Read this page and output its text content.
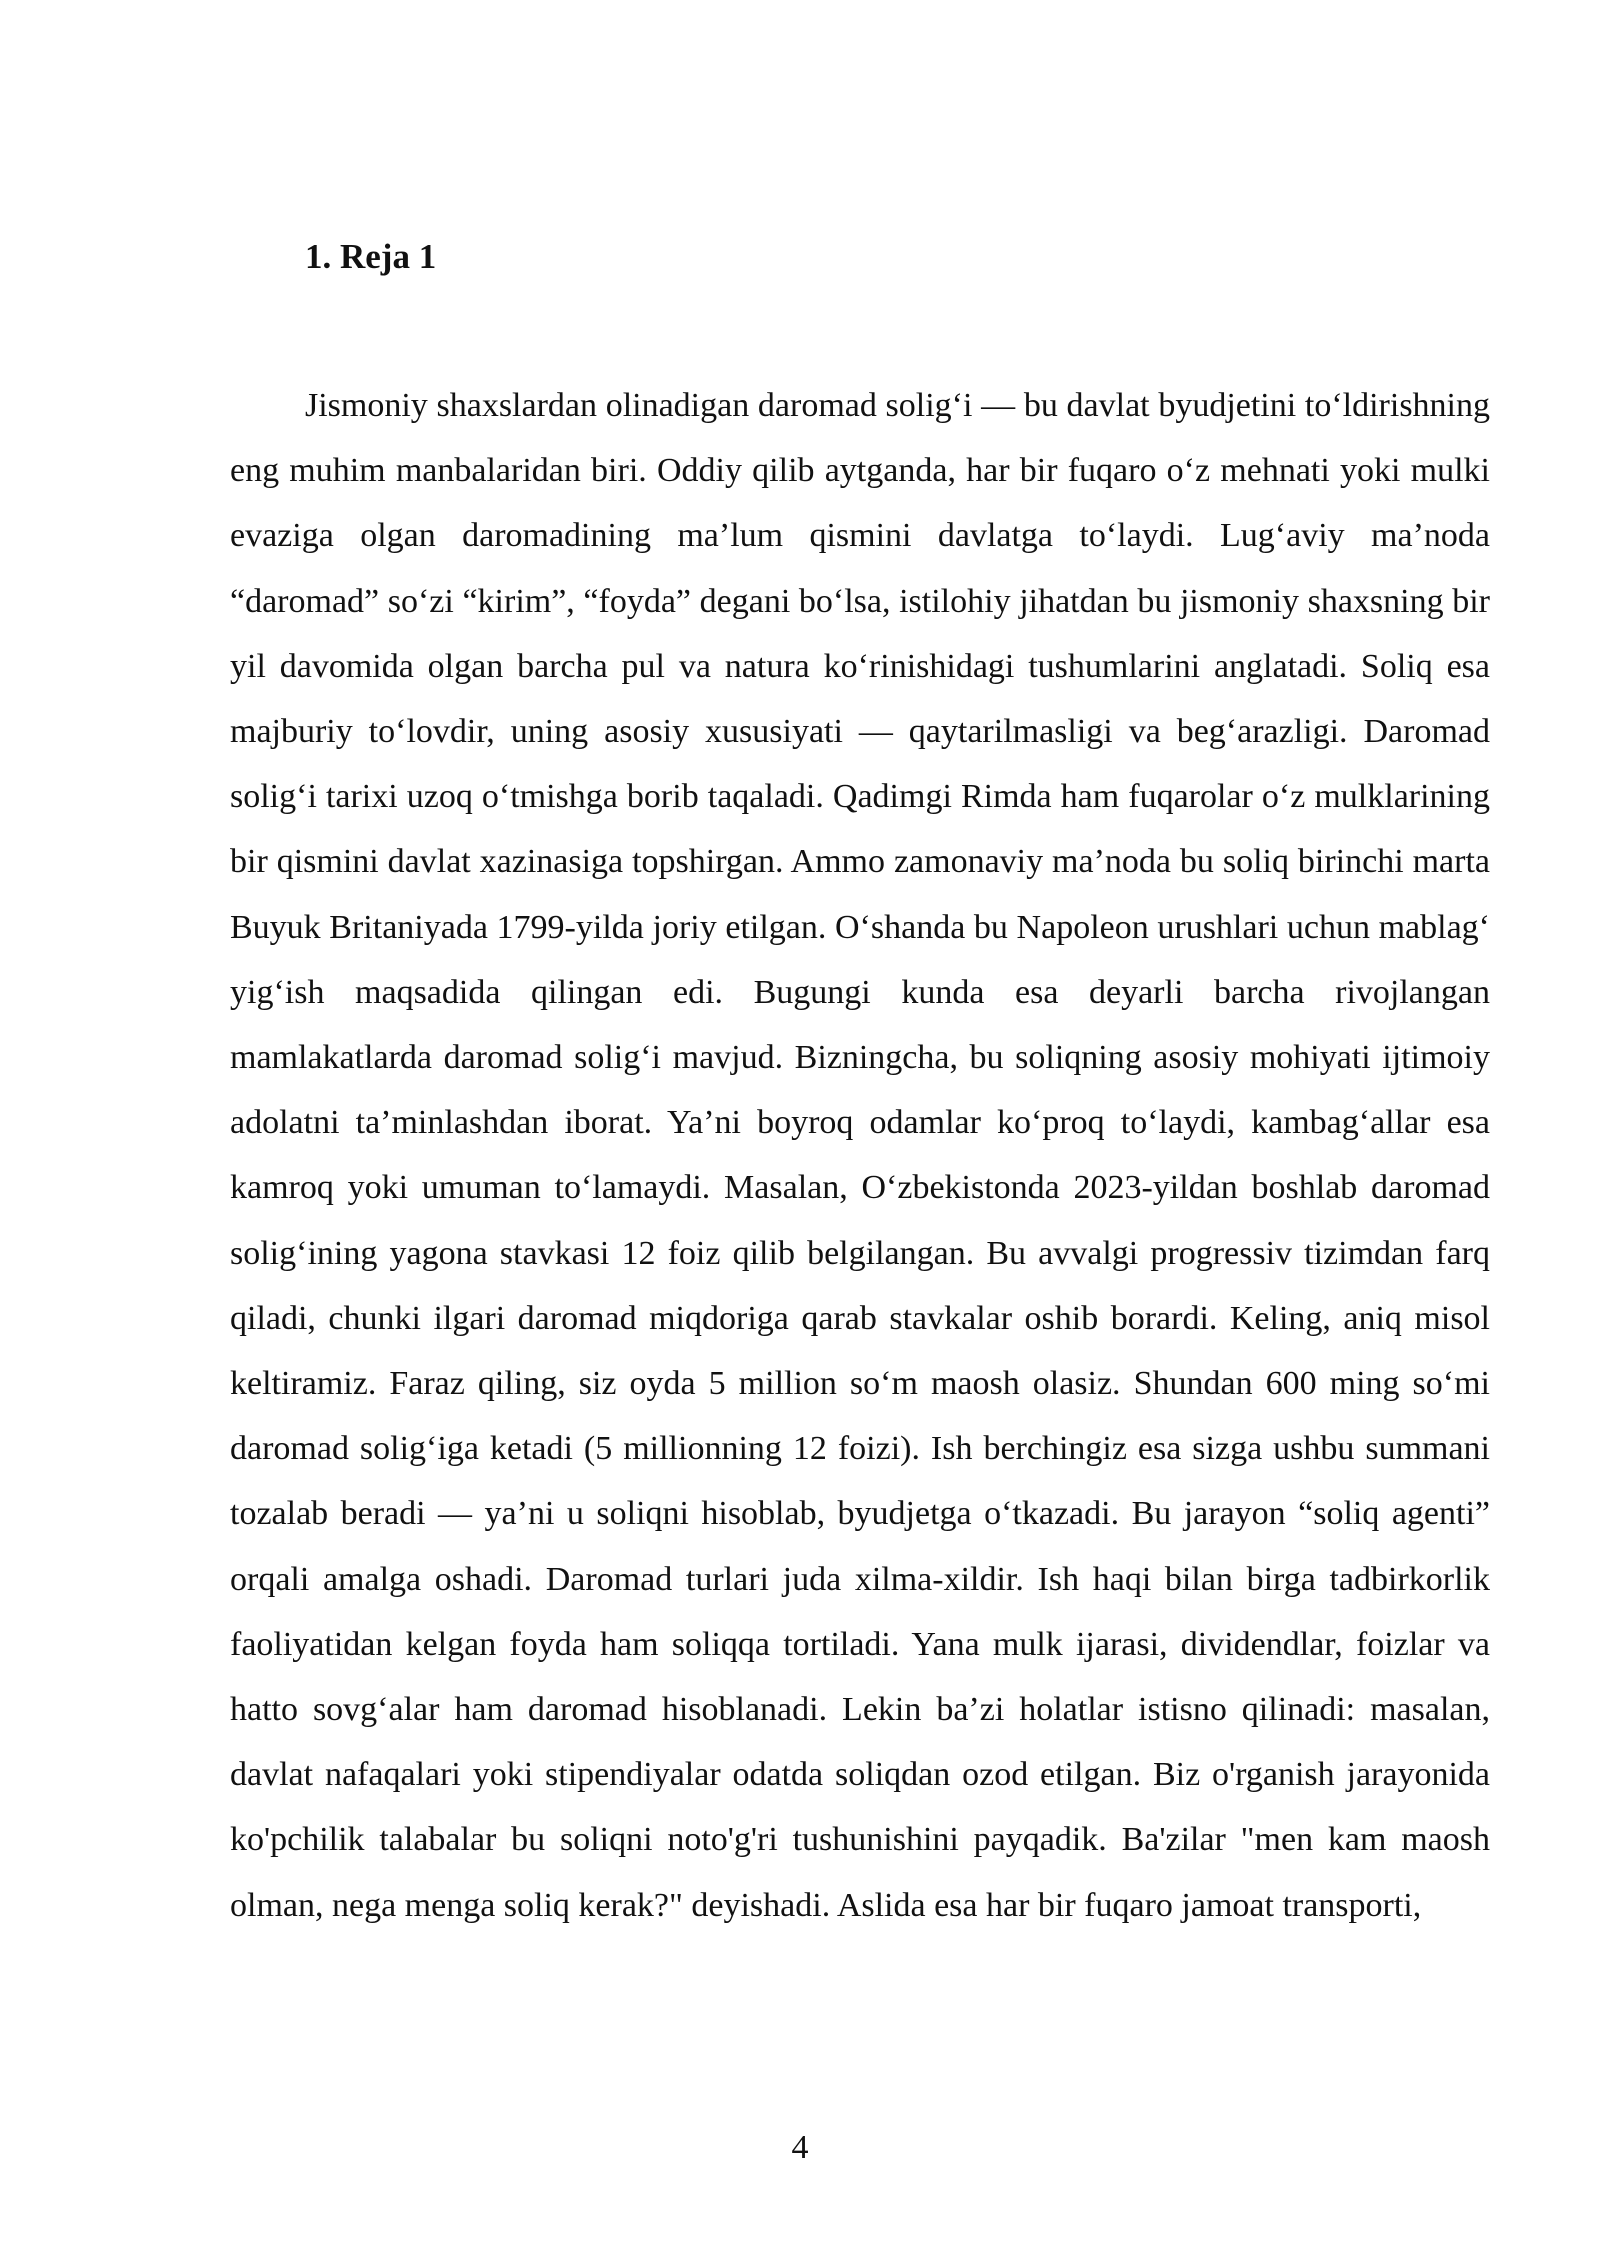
1. Reja 1

Jismoniy shaxslardan olinadigan daromad solig‘i — bu davlat byudjetini to‘ldirishning eng muhim manbalaridan biri. Oddiy qilib aytganda, har bir fuqaro o‘z mehnati yoki mulki evaziga olgan daromadining ma’lum qismini davlatga to‘laydi. Lug‘aviy ma’noda “daromad” so‘zi “kirim”, “foyda” degani bo‘lsa, istilohiy jihatdan bu jismoniy shaxsning bir yil davomida olgan barcha pul va natura ko‘rinishidagi tushumlarini anglatadi. Soliq esa majburiy to‘lovdir, uning asosiy xususiyati — qaytarilmasligi va beg‘arazligi. Daromad solig‘i tarixi uzoq o‘tmishga borib taqaladi. Qadimgi Rimda ham fuqarolar o‘z mulklarining bir qismini davlat xazinasiga topshirgan. Ammo zamonaviy ma’noda bu soliq birinchi marta Buyuk Britaniyada 1799-yilda joriy etilgan. O‘shanda bu Napoleon urushlari uchun mablag‘ yig‘ish maqsadida qilingan edi. Bugungi kunda esa deyarli barcha rivojlangan mamlakatlarda daromad solig‘i mavjud. Bizningcha, bu soliqning asosiy mohiyati ijtimoiy adolatni ta’minlashdan iborat. Ya’ni boyroq odamlar ko‘proq to‘laydi, kambag‘allar esa kamroq yoki umuman to‘lamaydi. Masalan, O‘zbekistonda 2023-yildan boshlab daromad solig‘ining yagona stavkasi 12 foiz qilib belgilangan. Bu avvalgi progressiv tizimdan farq qiladi, chunki ilgari daromad miqdoriga qarab stavkalar oshib borardi. Keling, aniq misol keltiramiz. Faraz qiling, siz oyda 5 million so‘m maosh olasiz. Shundan 600 ming so‘mi daromad solig‘iga ketadi (5 millionning 12 foizi). Ish berchingiz esa sizga ushbu summani tozalab beradi — ya’ni u soliqni hisoblab, byudjetga o‘tkazadi. Bu jarayon “soliq agenti” orqali amalga oshadi. Daromad turlari juda xilma-xildir. Ish haqi bilan birga tadbirkorlik faoliyatidan kelgan foyda ham soliqqa tortiladi. Yana mulk ijarasi, dividendlar, foizlar va hatto sovg‘alar ham daromad hisoblanadi. Lekin ba’zi holatlar istisno qilinadi: masalan, davlat nafaqalari yoki stipendiyalar odatda soliqdan ozod etilgan. Biz o'rganish jarayonida ko'pchilik talabalar bu soliqni noto'g'ri tushunishini payqadik. Ba'zilar "men kam maosh olman, nega menga soliq kerak?" deyishadi. Aslida esa har bir fuqaro jamoat transporti,

4
